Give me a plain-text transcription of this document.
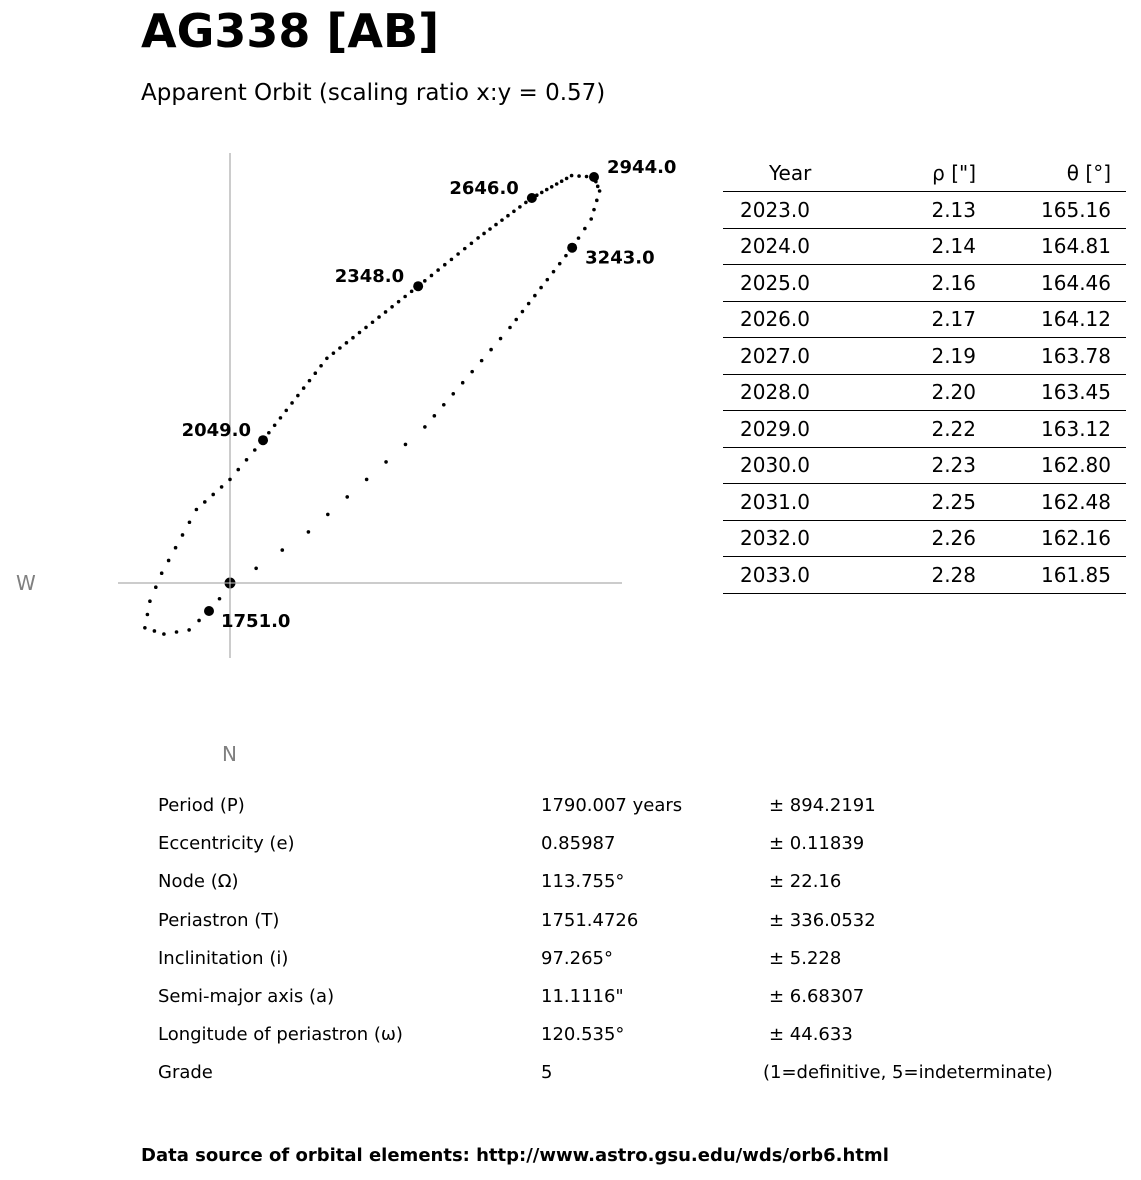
AG338 [AB]
Apparent Orbit (scaling ratio x:y = 0.57)
1751.0
2049.0
2348.0
2646.0
2944.0
3243.0
W
N
Year	ρ ["]	θ [°]
2023.0	2.13	165.16
2024.0	2.14	164.81
2025.0	2.16	164.46
2026.0	2.17	164.12
2027.0	2.19	163.78
2028.0	2.20	163.45
2029.0	2.22	163.12
2030.0	2.23	162.80
2031.0	2.25	162.48
2032.0	2.26	162.16
2033.0	2.28	161.85
Period (P)	1790.007 years	± 894.2191
Eccentricity (e)	0.85987	± 0.11839
Node (Ω)	113.755°	± 22.16
Periastron (T)	1751.4726	± 336.0532
Inclinitation (i)	97.265°	± 5.228
Semi-major axis (a)	11.1116"	± 6.68307
Longitude of periastron (ω)	120.535°	± 44.633
Grade	5	(1=definitive, 5=indeterminate)
Data source of orbital elements: http://www.astro.gsu.edu/wds/orb6.html
